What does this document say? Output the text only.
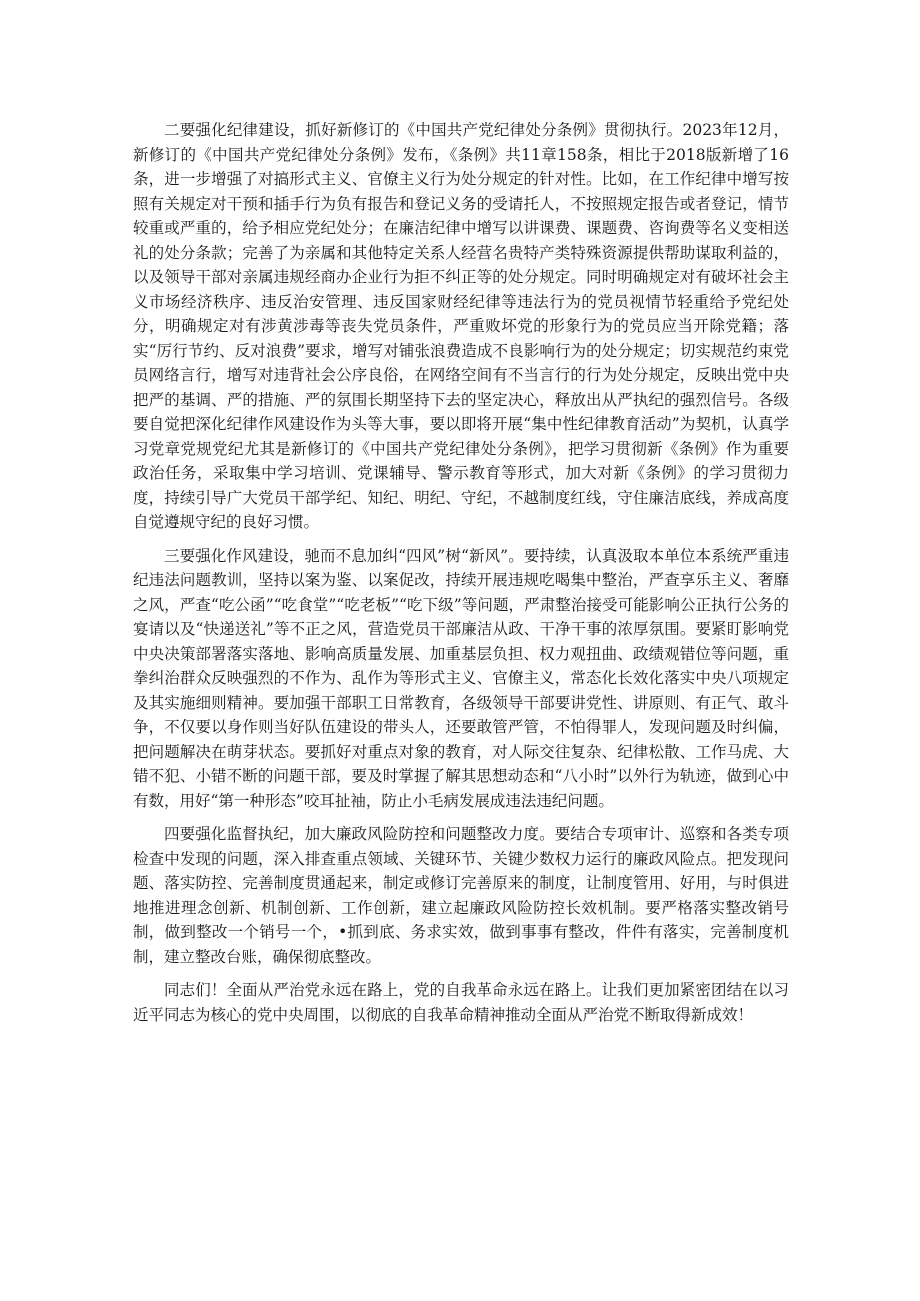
二要强化纪律建设，抓好新修订的《中国共产党纪律处分条例》贯彻执行。2023年12月，新修订的《中国共产党纪律处分条例》发布，《条例》共11章158条，相比于2018版新增了16条，进一步增强了对搞形式主义、官僚主义行为处分规定的针对性。比如，在工作纪律中增写按照有关规定对干预和插手行为负有报告和登记义务的受请托人，不按照规定报告或者登记，情节较重或严重的，给予相应党纪处分；在廉洁纪律中增写以讲课费、课题费、咨询费等名义变相送礼的处分条款；完善了为亲属和其他特定关系人经营名贵特产类特殊资源提供帮助谋取利益的，以及领导干部对亲属违规经商办企业行为拒不纠正等的处分规定。同时明确规定对有破坏社会主义市场经济秩序、违反治安管理、违反国家财经纪律等违法行为的党员视情节轻重给予党纪处分，明确规定对有涉黄涉毒等丧失党员条件，严重败坏党的形象行为的党员应当开除党籍；落实“厉行节约、反对浪费”要求，增写对铺张浪费造成不良影响行为的处分规定；切实规范约束党员网络言行，增写对违背社会公序良俗，在网络空间有不当言行的行为处分规定，反映出党中央把严的基调、严的措施、严的氛围长期坚持下去的坚定决心，释放出从严执纪的强烈信号。各级要自觉把深化纪律作风建设作为头等大事，要以即将开展“集中性纪律教育活动”为契机，认真学习党章党规党纪尤其是新修订的《中国共产党纪律处分条例》，把学习贯彻新《条例》作为重要政治任务，采取集中学习培训、党课辅导、警示教育等形式，加大对新《条例》的学习贯彻力度，持续引导广大党员干部学纪、知纪、明纪、守纪，不越制度红线，守住廉洁底线，养成高度自觉遵规守纪的良好习惯。

三要强化作风建设，驰而不息加纠“四风”树“新风”。要持续，认真汲取本单位本系统严重违纪违法问题教训，坚持以案为鉴、以案促改，持续开展违规吃喝集中整治，严查享乐主义、奢靡之风，严查“吃公函”“吃食堂”“吃老板”“吃下级”等问题，严肃整治接受可能影响公正执行公务的宴请以及“快递送礼”等不正之风，营造党员干部廉洁从政、干净干事的浓厚氛围。要紧盯影响党中央决策部署落实落地、影响高质量发展、加重基层负担、权力观扭曲、政绩观错位等问题，重拳纠治群众反映强烈的不作为、乱作为等形式主义、官僚主义，常态化长效化落实中央八项规定及其实施细则精神。要加强干部职工日常教育，各级领导干部要讲党性、讲原则、有正气、敢斗争，不仅要以身作则当好队伍建设的带头人，还要敢管严管，不怕得罪人，发现问题及时纠偏，把问题解决在萌芽状态。要抓好对重点对象的教育，对人际交往复杂、纪律松散、工作马虎、大错不犯、小错不断的问题干部，要及时掌握了解其思想动态和“八小时”以外行为轨迹，做到心中有数，用好“第一种形态”咬耳扯袖，防止小毛病发展成违法违纪问题。

四要强化监督执纪，加大廉政风险防控和问题整改力度。要结合专项审计、巡察和各类专项检查中发现的问题，深入排查重点领域、关键环节、关键少数权力运行的廉政风险点。把发现问题、落实防控、完善制度贯通起来，制定或修订完善原来的制度，让制度管用、好用，与时俱进地推进理念创新、机制创新、工作创新，建立起廉政风险防控长效机制。要严格落实整改销号制，做到整改一个销号一个，•抓到底、务求实效，做到事事有整改，件件有落实，完善制度机制，建立整改台账，确保彻底整改。

同志们！全面从严治党永远在路上，党的自我革命永远在路上。让我们更加紧密团结在以习近平同志为核心的党中央周围，以彻底的自我革命精神推动全面从严治党不断取得新成效！
